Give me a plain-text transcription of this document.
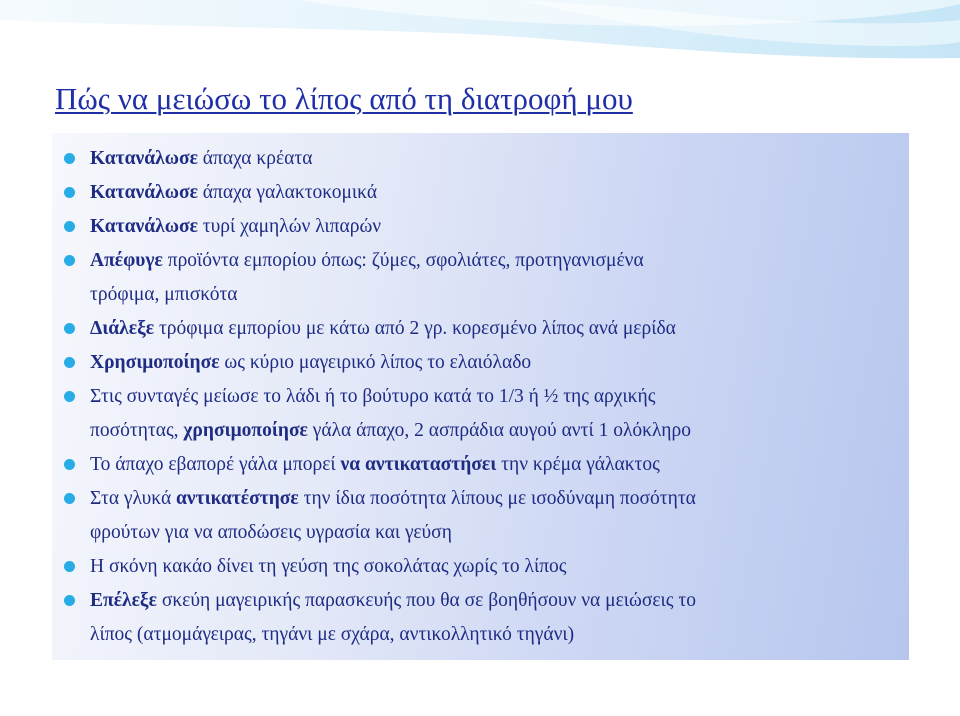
Πώς να μειώσω το λίπος από τη διατροφή μου
Κατανάλωσε άπαχα κρέατα
Κατανάλωσε άπαχα γαλακτοκομικά
Κατανάλωσε τυρί χαμηλών λιπαρών
Απέφυγε προϊόντα εμπορίου όπως: ζύμες, σφολιάτες, προτηγανισμένα
τρόφιμα, μπισκότα
Διάλεξε τρόφιμα εμπορίου με κάτω από 2 γρ. κορεσμένο λίπος ανά μερίδα
Χρησιμοποίησε ως κύριο μαγειρικό λίπος το ελαιόλαδο
Στις συνταγές μείωσε το λάδι ή το βούτυρο κατά το 1/3 ή ½ της αρχικής
ποσότητας, χρησιμοποίησε γάλα άπαχο, 2 ασπράδια αυγού αντί 1 ολόκληρο
Το άπαχο εβαπορέ γάλα μπορεί να αντικαταστήσει την κρέμα γάλακτος
Στα γλυκά αντικατέστησε την ίδια ποσότητα λίπους με ισοδύναμη ποσότητα
φρούτων για να αποδώσεις υγρασία και γεύση
Η σκόνη κακάο δίνει τη γεύση της σοκολάτας χωρίς το λίπος
Επέλεξε σκεύη μαγειρικής παρασκευής που θα σε βοηθήσουν να μειώσεις το
λίπος (ατμομάγειρας, τηγάνι με σχάρα, αντικολλητικό τηγάνι)
